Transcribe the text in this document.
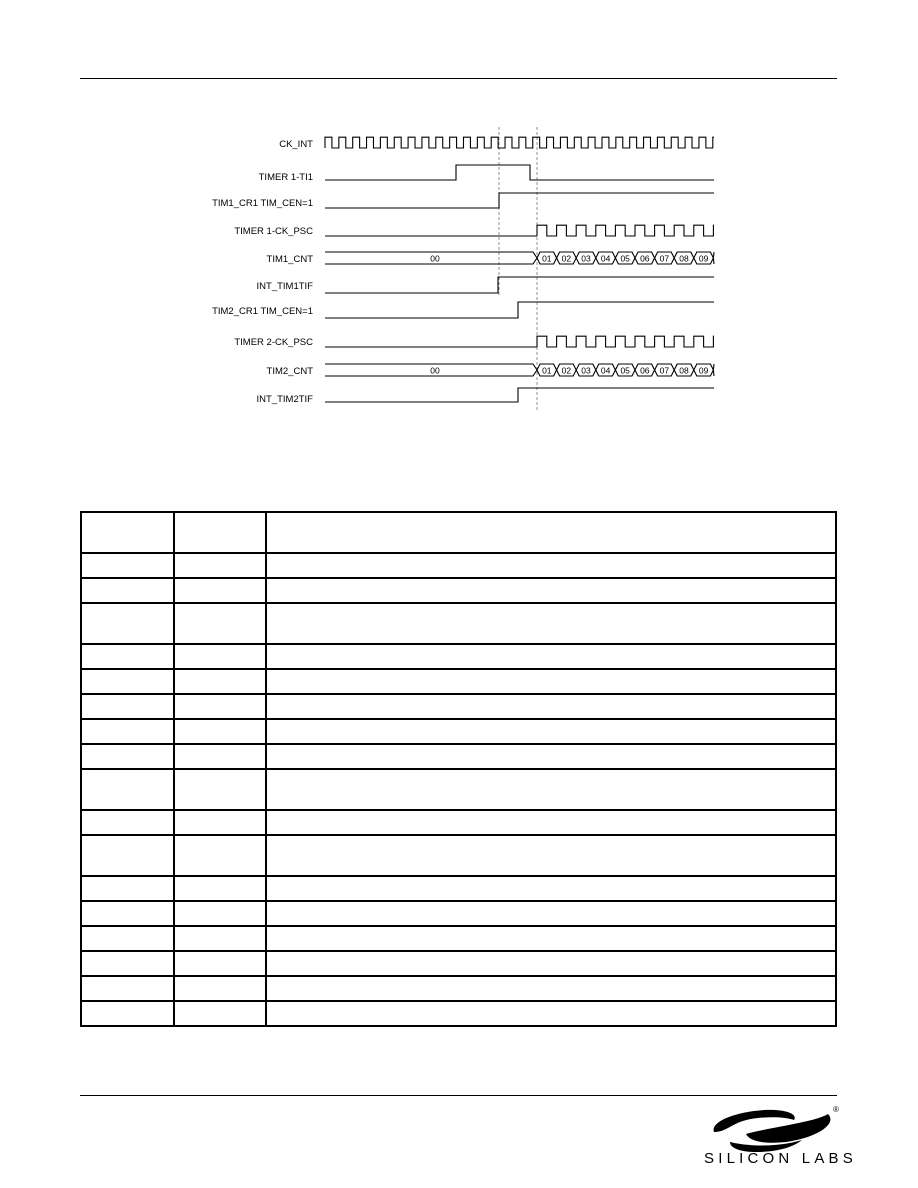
CK_INT
TIMER 1-TI1
TIM1_CR1 TIM_CEN=1
TIMER 1-CK_PSC
TIM1_CNT
INT_TIM1TIF
TIM2_CR1 TIM_CEN=1
TIMER 2-CK_PSC
TIM2_CNT
INT_TIM2TIF
00	01 02 03 04 05 06 07 08 09
00	01 02 03 04 05 06 07 08 09

®
SILICON LABS
